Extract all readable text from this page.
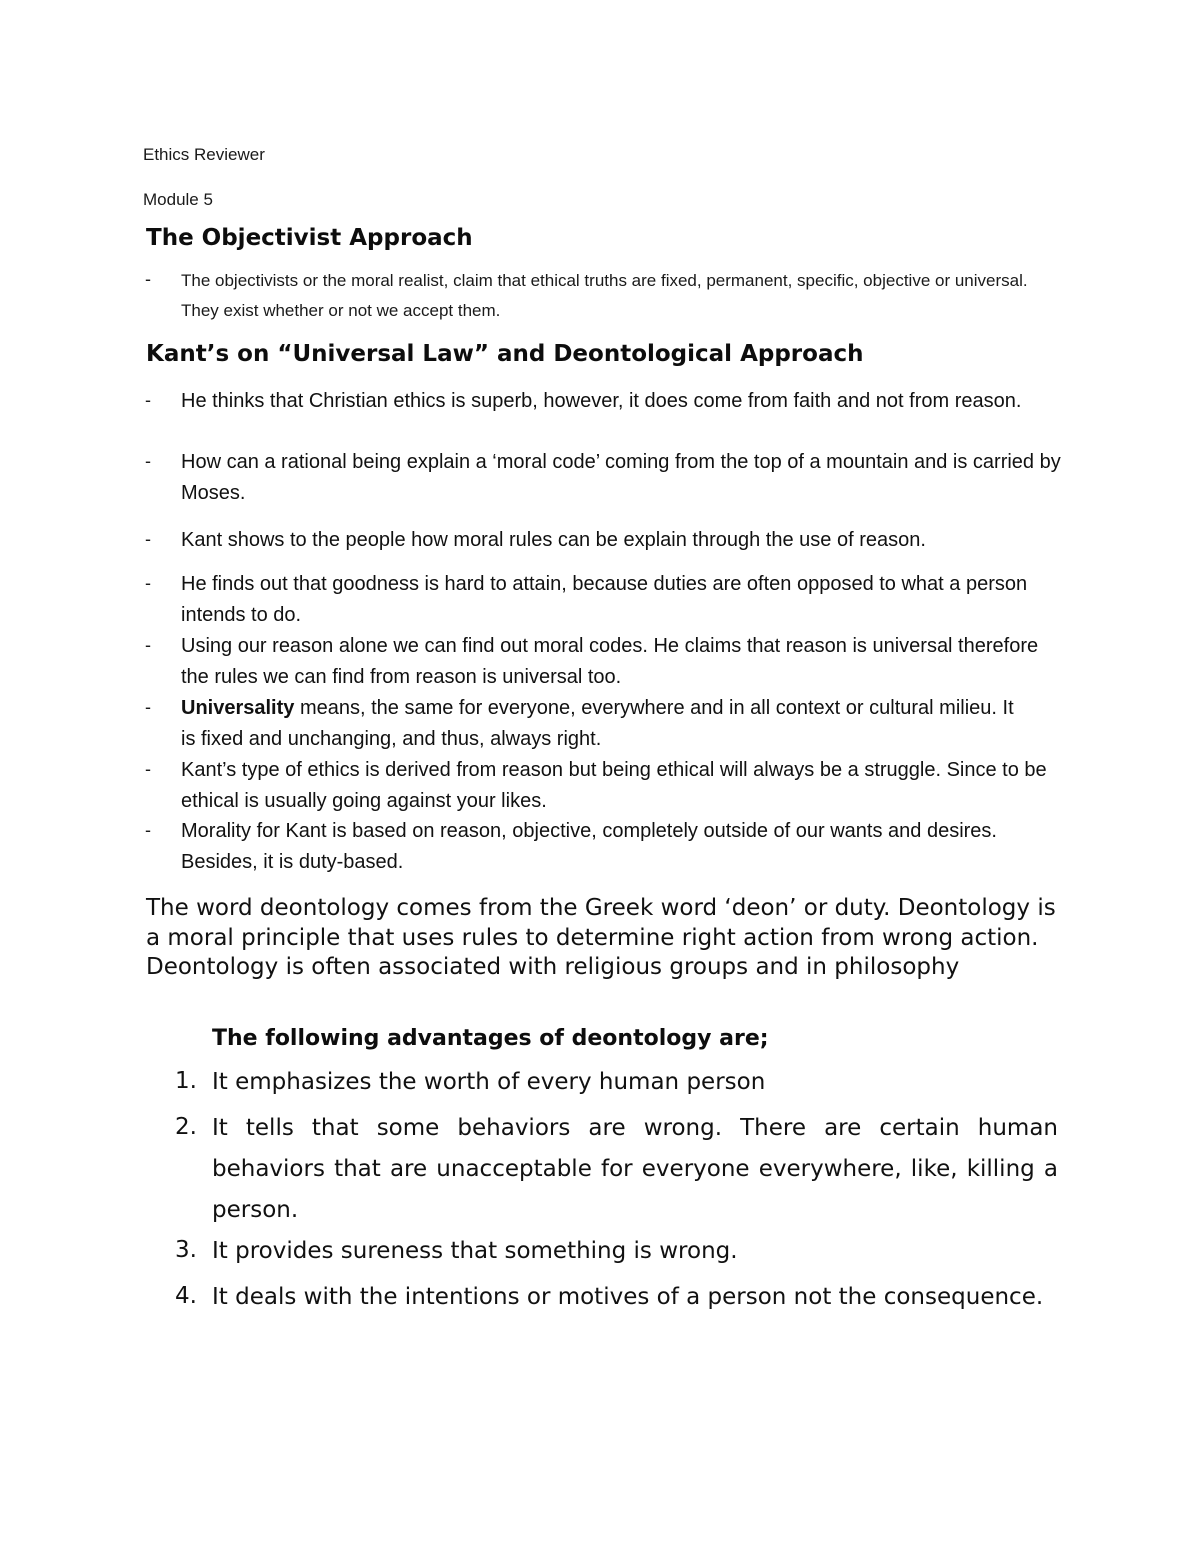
Ethics Reviewer

Module 5

The Objectivist Approach
- The objectivists or the moral realist, claim that ethical truths are fixed, permanent, specific, objective or universal. They exist whether or not we accept them.

Kant’s on “Universal Law” and Deontological Approach
- He thinks that Christian ethics is superb, however, it does come from faith and not from reason.

- How can a rational being explain a ‘moral code’ coming from the top of a mountain and is carried by Moses.

- Kant shows to the people how moral rules can be explain through the use of reason.

- He finds out that goodness is hard to attain, because duties are often opposed to what a person intends to do.

- Using our reason alone we can find out moral codes. He claims that reason is universal therefore the rules we can find from reason is universal too.

- Universality means, the same for everyone, everywhere and in all context or cultural milieu. It is fixed and unchanging, and thus, always right.

- Kant’s type of ethics is derived from reason but being ethical will always be a struggle. Since to be ethical is usually going against your likes.

- Morality for Kant is based on reason, objective, completely outside of our wants and desires. Besides, it is duty-based.

The word deontology comes from the Greek word ‘deon’ or duty. Deontology is a moral principle that uses rules to determine right action from wrong action. Deontology is often associated with religious groups and in philosophy

The following advantages of deontology are;
1. It emphasizes the worth of every human person

2. It tells that some behaviors are wrong. There are certain human behaviors that are unacceptable for everyone everywhere, like, killing a person.

3. It provides sureness that something is wrong.

4. It deals with the intentions or motives of a person not the consequence.
